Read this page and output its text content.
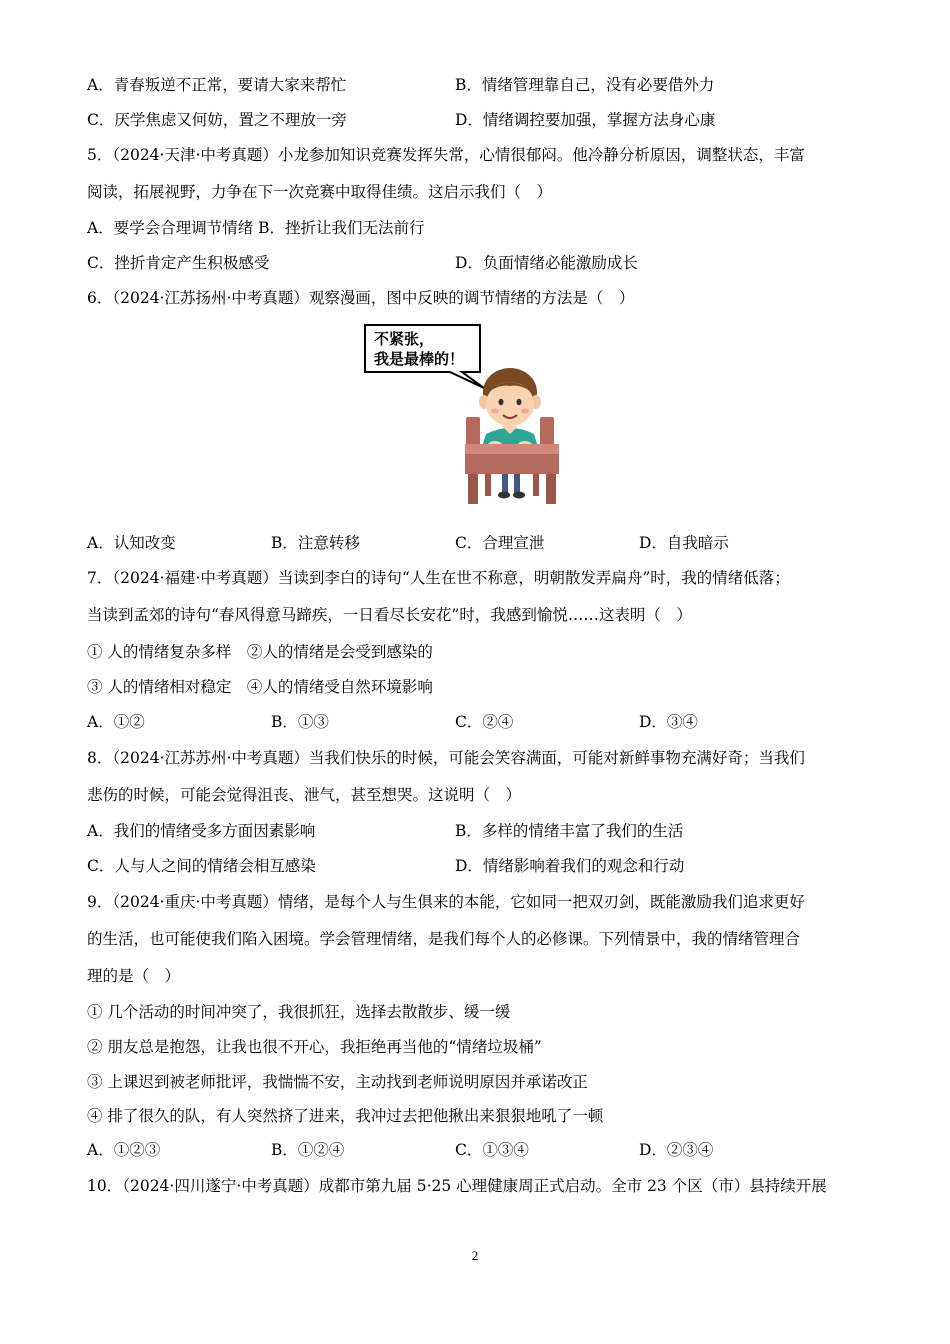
A．青春叛逆不正常，要请大家来帮忙	B．情绪管理靠自己，没有必要借外力
C．厌学焦虑又何妨，置之不理放一旁	D．情绪调控要加强，掌握方法身心康
5．（2024·天津·中考真题）小龙参加知识竞赛发挥失常，心情很郁闷。他冷静分析原因，调整状态，丰富
阅读，拓展视野，力争在下一次竞赛中取得佳绩。这启示我们（　）
A．要学会合理调节情绪 B．挫折让我们无法前行
C．挫折肯定产生积极感受	D．负面情绪必能激励成长
6．（2024·江苏扬州·中考真题）观察漫画，图中反映的调节情绪的方法是（　）
不紧张，
我是最棒的！
A．认知改变	B．注意转移	C．合理宣泄	D．自我暗示
7．（2024·福建·中考真题）当读到李白的诗句“人生在世不称意，明朝散发弄扁舟”时，我的情绪低落；
当读到孟郊的诗句“春风得意马蹄疾，一日看尽长安花”时，我感到愉悦……这表明（　）
① 人的情绪复杂多样　②人的情绪是会受到感染的
③ 人的情绪相对稳定　④人的情绪受自然环境影响
A．①②	B．①③	C．②④	D．③④
8．（2024·江苏苏州·中考真题）当我们快乐的时候，可能会笑容满面，可能对新鲜事物充满好奇；当我们
悲伤的时候，可能会觉得沮丧、泄气，甚至想哭。这说明（　）
A．我们的情绪受多方面因素影响	B．多样的情绪丰富了我们的生活
C．人与人之间的情绪会相互感染	D．情绪影响着我们的观念和行动
9．（2024·重庆·中考真题）情绪，是每个人与生俱来的本能，它如同一把双刃剑，既能激励我们追求更好
的生活，也可能使我们陷入困境。学会管理情绪，是我们每个人的必修课。下列情景中，我的情绪管理合
理的是（　）
① 几个活动的时间冲突了，我很抓狂，选择去散散步、缓一缓
② 朋友总是抱怨，让我也很不开心，我拒绝再当他的“情绪垃圾桶”
③ 上课迟到被老师批评，我惴惴不安，主动找到老师说明原因并承诺改正
④ 排了很久的队，有人突然挤了进来，我冲过去把他揪出来狠狠地吼了一顿
A．①②③	B．①②④	C．①③④	D．②③④
10．（2024·四川遂宁·中考真题）成都市第九届 5·25 心理健康周正式启动。全市 23 个区（市）县持续开展
2
